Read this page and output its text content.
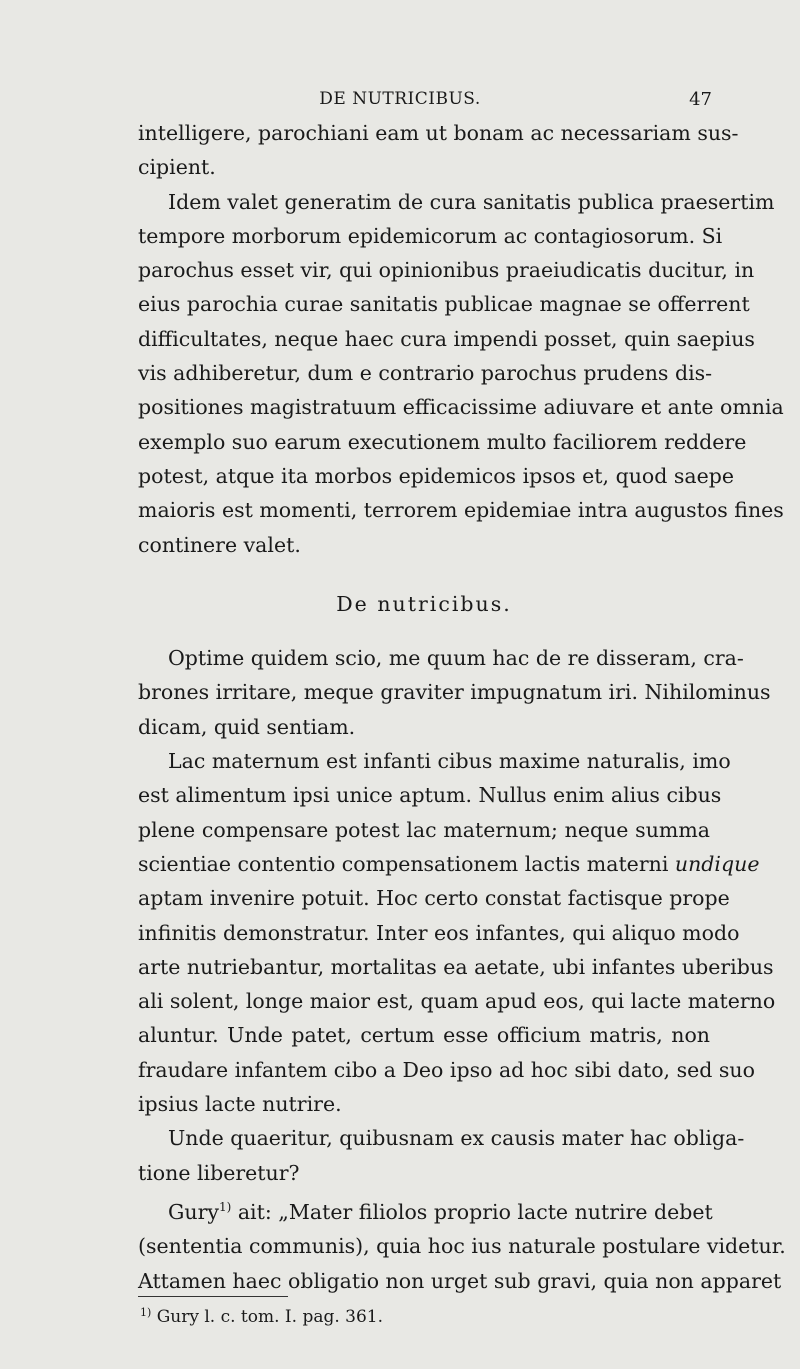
DE NUTRICIBUS.	47
intelligere, parochiani eam ut bonam ac necessariam sus-
cipient.
Idem valet generatim de cura sanitatis publica praesertim
tempore morborum epidemicorum ac contagiosorum. Si
parochus esset vir, qui opinionibus praeiudicatis ducitur, in
eius parochia curae sanitatis publicae magnae se offerrent
difficultates, neque haec cura impendi posset, quin saepius
vis adhiberetur, dum e contrario parochus prudens dis-
positiones magistratuum efficacissime adiuvare et ante omnia
exemplo suo earum executionem multo faciliorem reddere
potest, atque ita morbos epidemicos ipsos et, quod saepe
maioris est momenti, terrorem epidemiae intra augustos fines
continere valet.
De nutricibus.
Optime quidem scio, me quum hac de re disseram, cra-
brones irritare, meque graviter impugnatum iri. Nihilominus
dicam, quid sentiam.
Lac maternum est infanti cibus maxime naturalis, imo
est alimentum ipsi unice aptum. Nullus enim alius cibus
plene compensare potest lac maternum; neque summa
scientiae contentio compensationem lactis materni undique
aptam invenire potuit. Hoc certo constat factisque prope
infinitis demonstratur. Inter eos infantes, qui aliquo modo
arte nutriebantur, mortalitas ea aetate, ubi infantes uberibus
ali solent, longe maior est, quam apud eos, qui lacte materno
aluntur. Unde patet, certum esse officium matris, non
fraudare infantem cibo a Deo ipso ad hoc sibi dato, sed suo
ipsius lacte nutrire.
Unde quaeritur, quibusnam ex causis mater hac obliga-
tione liberetur?
Gury$^{1)}$ ait: „Mater filiolos proprio lacte nutrire debet
(sententia communis), quia hoc ius naturale postulare videtur.
Attamen haec obligatio non urget sub gravi, quia non apparet
$^{1)}$ Gury l. c. tom. I. pag. 361.
